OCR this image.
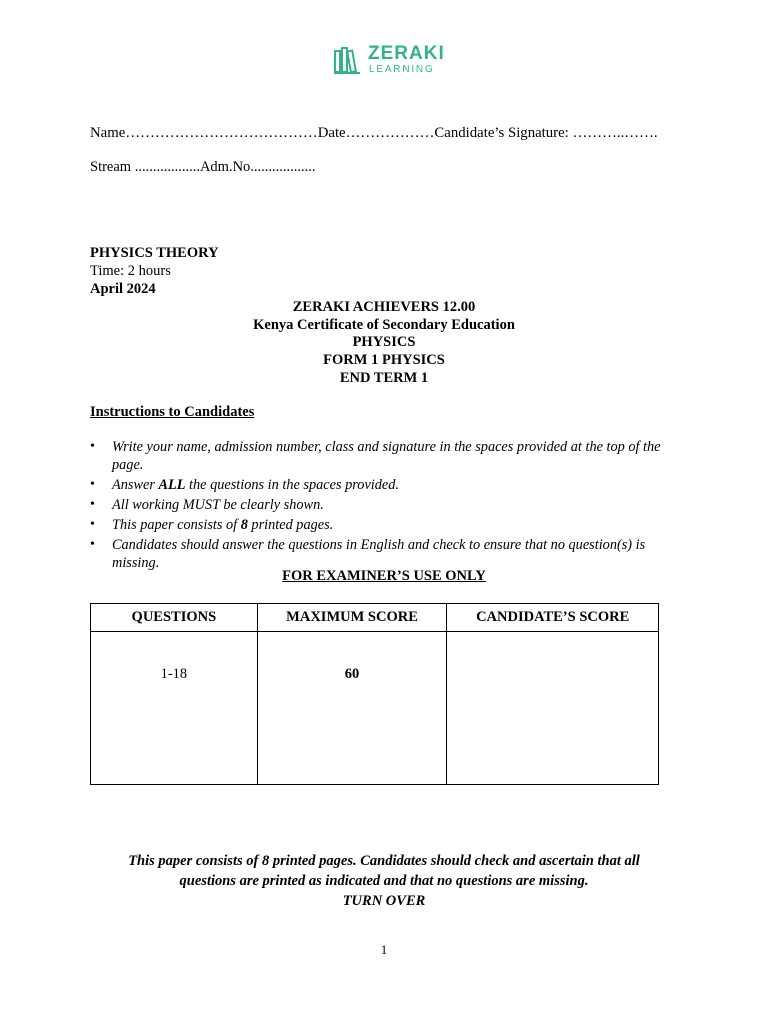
ZERAKI
LEARNING
Name…………………………………Date………………Candidate’s Signature: ………..…….
Stream ..................Adm.No..................
PHYSICS THEORY
Time: 2 hours
April 2024
ZERAKI ACHIEVERS 12.00
Kenya Certificate of Secondary Education
PHYSICS
FORM 1 PHYSICS
END TERM 1
Instructions to Candidates
• Write your name, admission number, class and signature in the spaces provided at the top of the page.
• Answer ALL the questions in the spaces provided.
• All working MUST be clearly shown.
• This paper consists of 8 printed pages.
• Candidates should answer the questions in English and check to ensure that no question(s) is missing.
FOR EXAMINER’S USE ONLY
QUESTIONS	MAXIMUM SCORE	CANDIDATE’S SCORE
1-18	60	
This paper consists of 8 printed pages. Candidates should check and ascertain that all
questions are printed as indicated and that no questions are missing.
TURN OVER
1
